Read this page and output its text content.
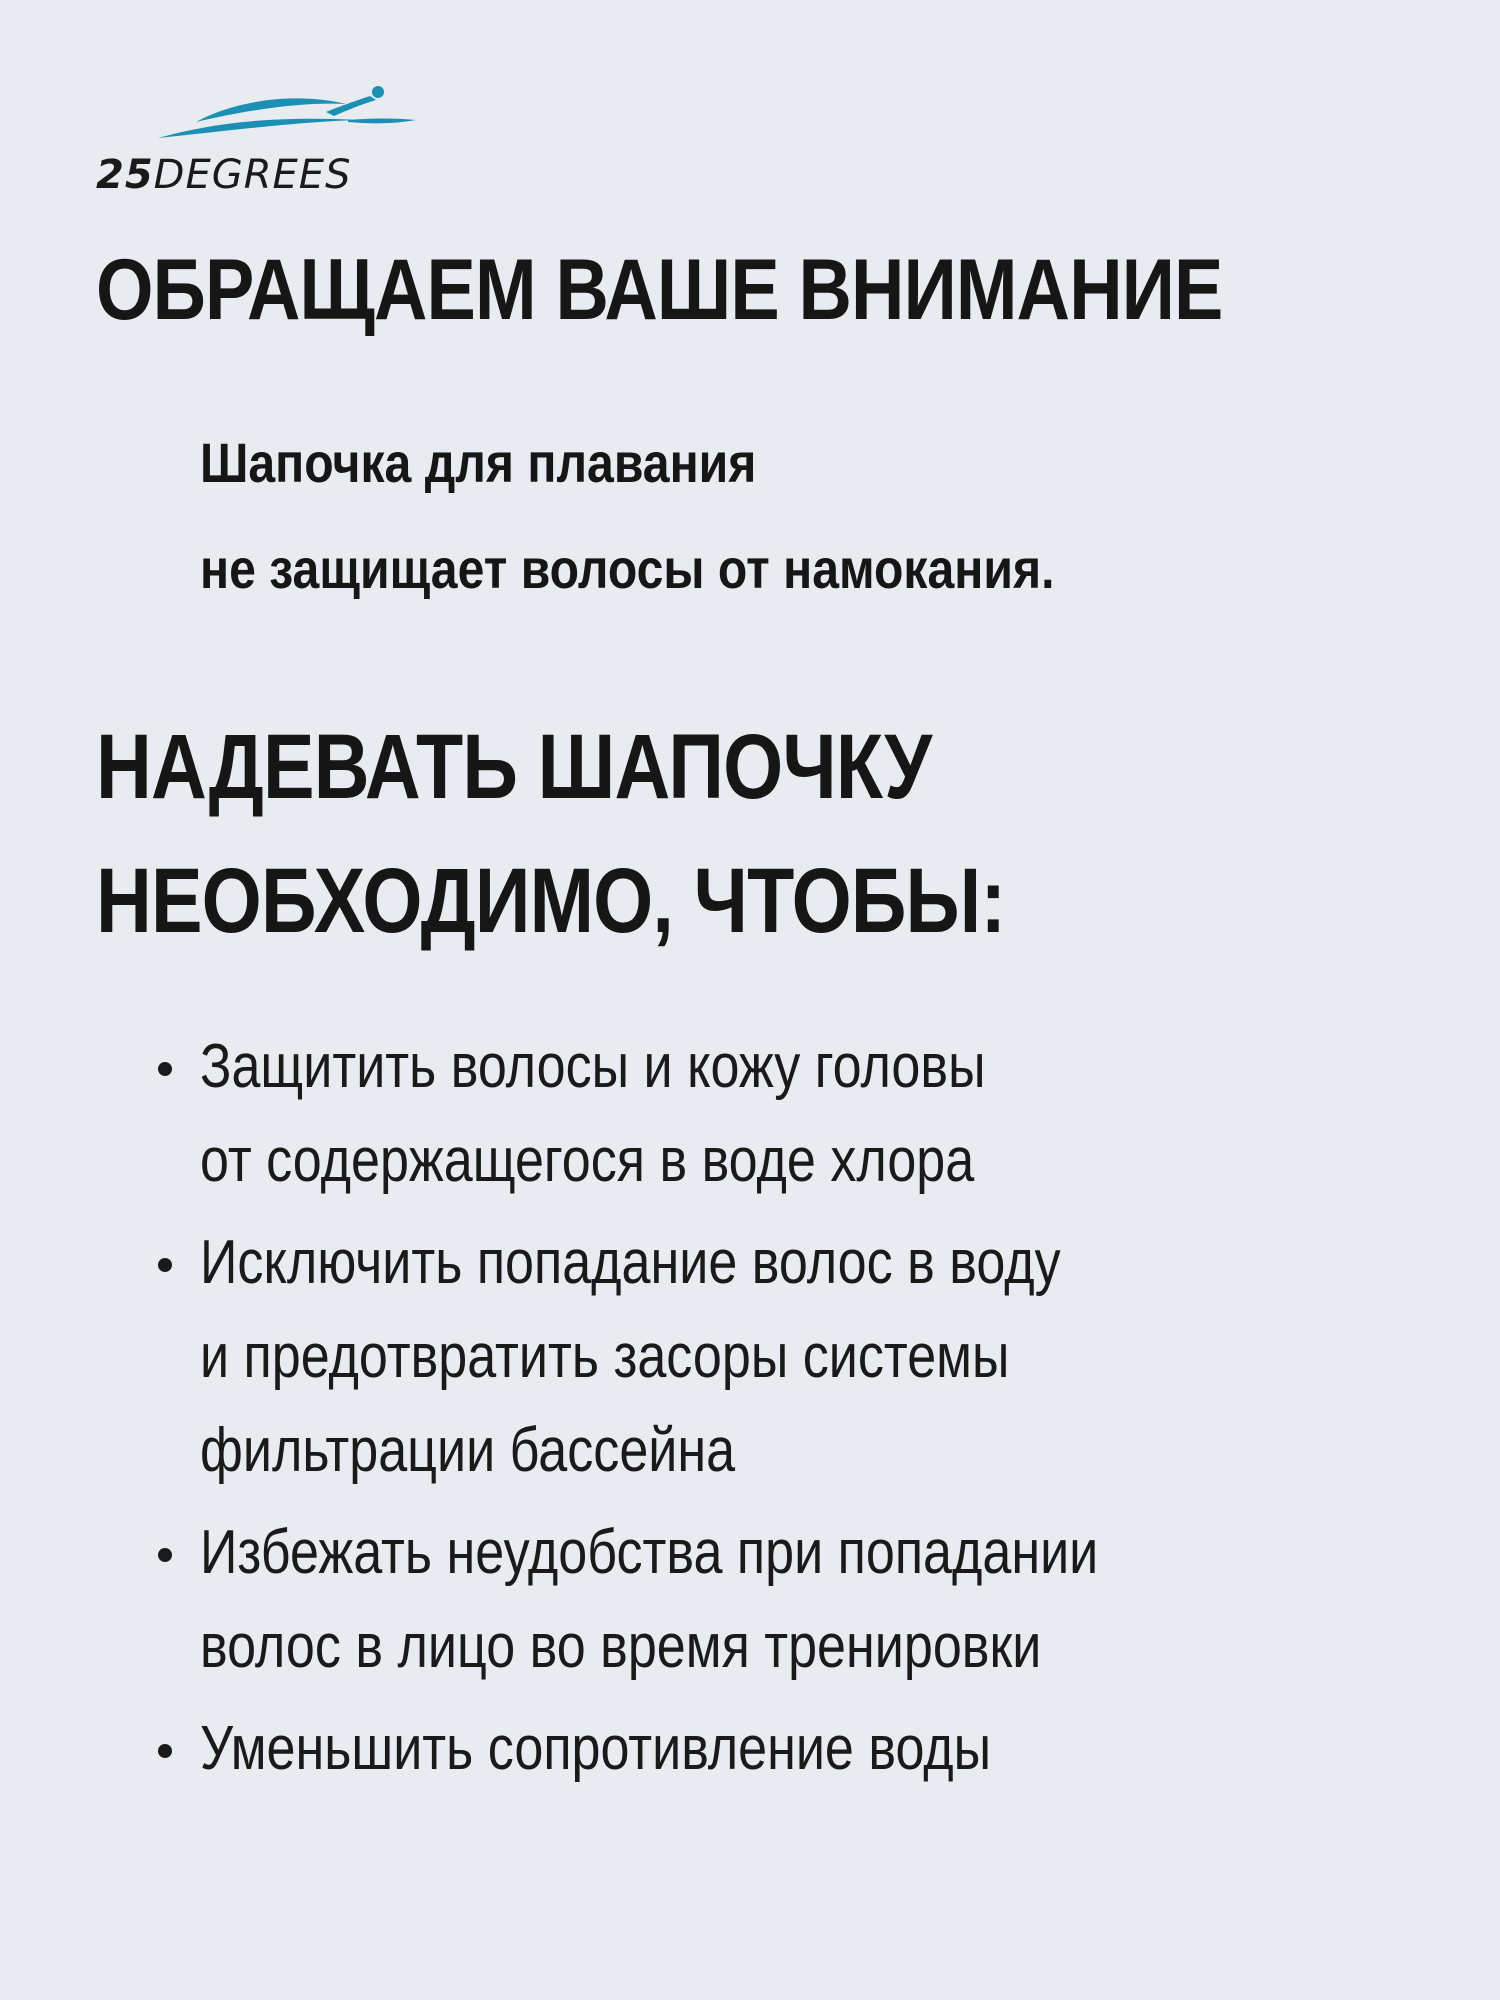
25DEGREES
ОБРАЩАЕМ ВАШЕ ВНИМАНИЕ
Шапочка для плавания
не защищает волосы от намокания.
НАДЕВАТЬ ШАПОЧКУ
НЕОБХОДИМО, ЧТОБЫ:
Защитить волосы и кожу головы
от содержащегося в воде хлора
Исключить попадание волос в воду
и предотвратить засоры системы
фильтрации бассейна
Избежать неудобства при попадании
волос в лицо во время тренировки
Уменьшить сопротивление воды
